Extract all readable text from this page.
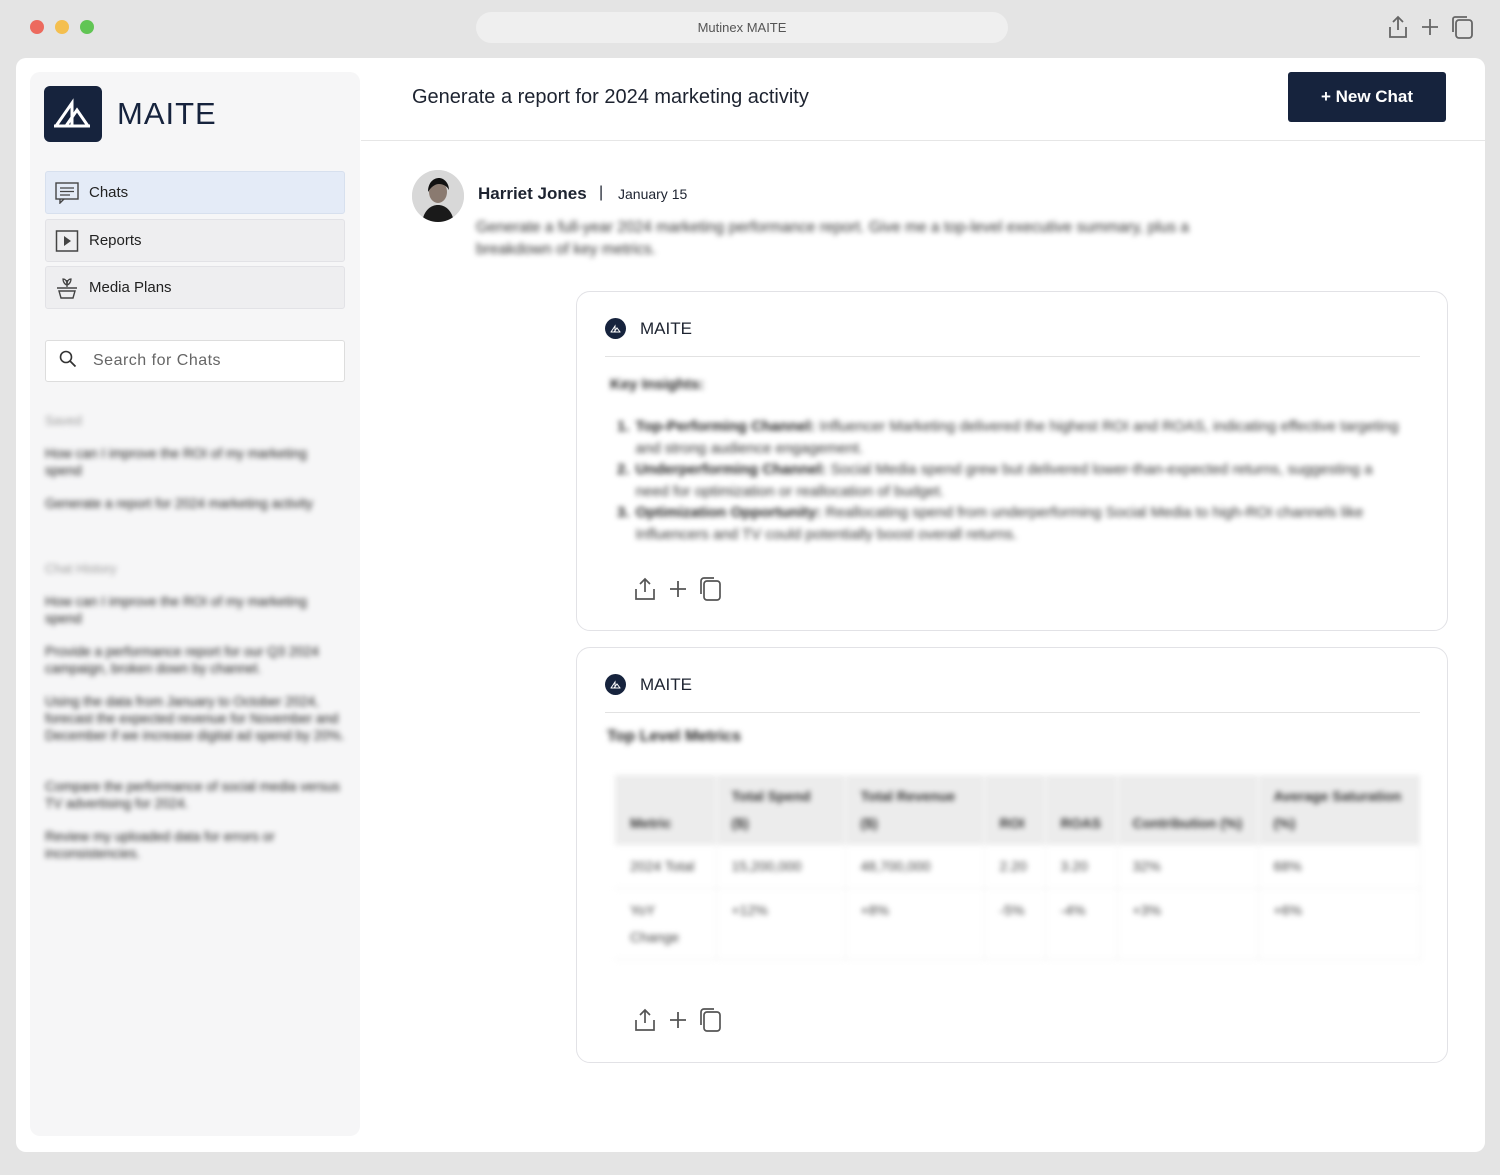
Mutinex MAITE
MAITE
Chats
Reports
Media Plans
Search for Chats
Saved
How can I improve the ROI of my marketing spend
Generate a report for 2024 marketing activity
Chat History
How can I improve the ROI of my marketing spend
Provide a performance report for our Q3 2024 campaign, broken down by channel.
Using the data from January to October 2024, forecast the expected revenue for November and December if we increase digital ad spend by 20%.
Compare the performance of social media versus TV advertising for 2024.
Review my uploaded data for errors or inconsistencies.
Generate a report for 2024 marketing activity	+ New Chat
Harriet Jones | January 15
Generate a full-year 2024 marketing performance report. Give me a top-level executive summary, plus a breakdown of key metrics.
MAITE
Key Insights:
1. Top-Performing Channel: Influencer Marketing delivered the highest ROI and ROAS, indicating effective targeting and strong audience engagement.
2. Underperforming Channel: Social Media spend grew but delivered lower-than-expected returns, suggesting a need for optimization or reallocation of budget.
3. Optimization Opportunity: Reallocating spend from underperforming Social Media to high-ROI channels like Influencers and TV could potentially boost overall returns.
MAITE
Top Level Metrics
Metric	Total Spend ($)	Total Revenue ($)	ROI	ROAS	Contribution (%)	Average Saturation (%)
2024 Total	15,200,000	48,700,000	2.20	3.20	32%	68%
YoY Change	+12%	+8%	-5%	-4%	+3%	+6%
